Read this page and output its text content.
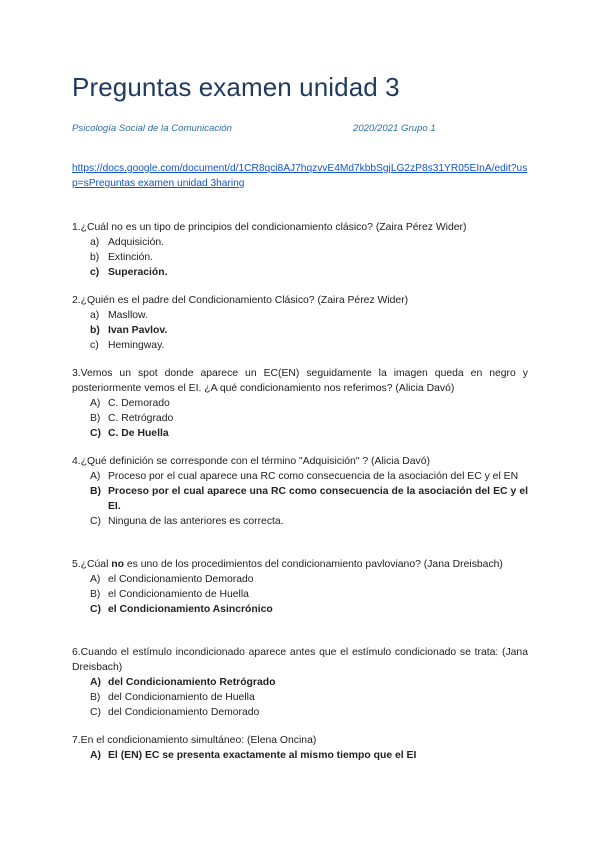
Preguntas examen unidad 3
Psicología Social de la Comunicación	2020/2021 Grupo 1
https://docs.google.com/document/d/1CR8qci8AJ7hqzvvE4Md7kbbSgjLG2zP8s31YR05EInA/edit?usp=sPreguntas examen unidad 3haring

1.¿Cuál no es un tipo de principios del condicionamiento clásico? (Zaira Pérez Wider)

a) Adquisición.
b) Extinción.
c) Superación.

2.¿Quién es el padre del Condicionamiento Clásico? (Zaira Pérez Wider)

a) Masllow.
b) Ivan Pavlov.
c) Hemingway.

3.Vemos un spot donde aparece un EC(EN) seguidamente la imagen queda en negro y posteriormente vemos el EI. ¿A qué condicionamiento nos referimos? (Alicia Davó)

A) C. Demorado
B) C. Retrógrado
C) C. De Huella

4.¿Qué definición se corresponde con el término "Adquisición" ? (Alicia Davó)

A) Proceso por el cual aparece una RC como consecuencia de la asociación del EC y el EN
B) Proceso por el cual aparece una RC como consecuencia de la asociación del EC y el EI.
C) Ninguna de las anteriores es correcta.

5.¿Cúal no es uno de los procedimientos del condicionamiento pavloviano? (Jana Dreisbach)

A) el Condicionamiento Demorado
B) el Condicionamiento de Huella
C) el Condicionamiento Asincrónico

6.Cuando el estímulo incondicionado aparece antes que el estímulo condicionado se trata: (Jana Dreisbach)

A) del Condicionamiento Retrógrado
B) del Condicionamiento de Huella
C) del Condicionamiento Demorado

7.En el condicionamiento simultáneo: (Elena Oncina)

A) El (EN) EC se presenta exactamente al mismo tiempo que el EI
